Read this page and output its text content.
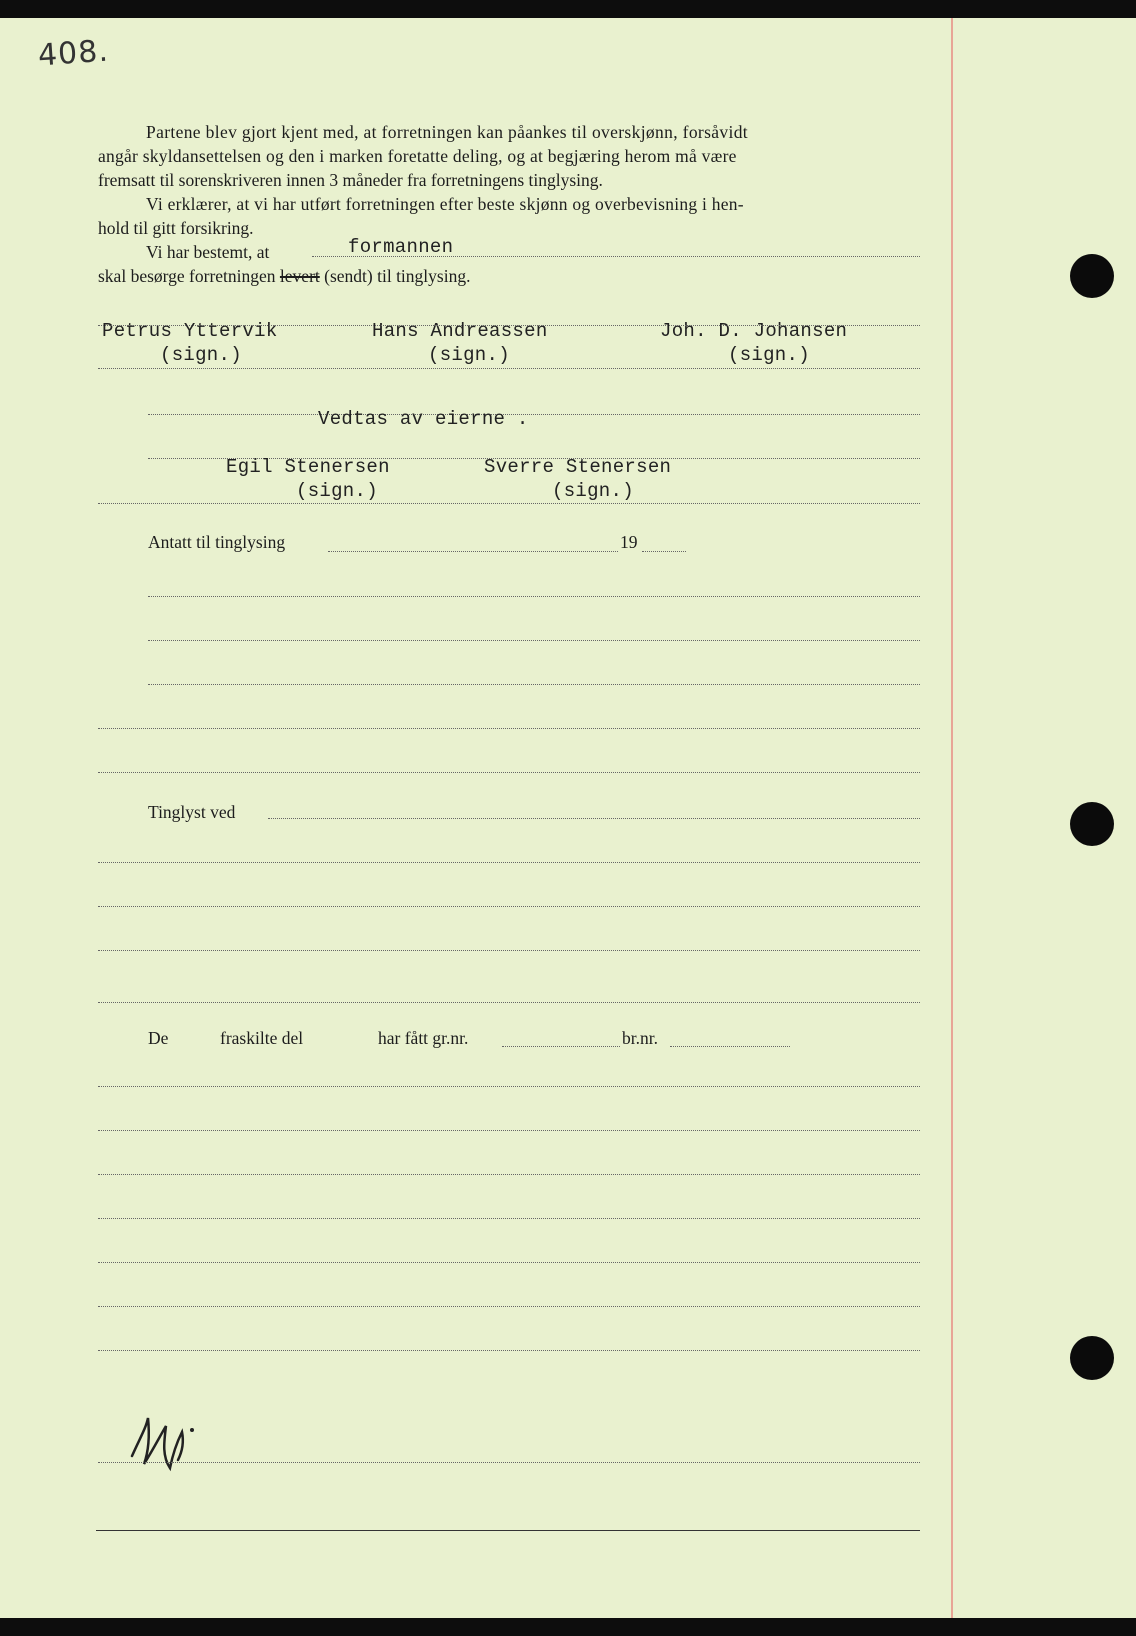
408.
Partene blev gjort kjent med, at forretningen kan påankes til overskjønn, forsåvidt
angår skyldansettelsen og den i marken foretatte deling, og at begjæring herom må være
fremsatt til sorenskriveren innen 3 måneder fra forretningens tinglysing.
Vi erklærer, at vi har utført forretningen efter beste skjønn og overbevisning i hen-
hold til gitt forsikring.
Vi har bestemt, at	formannen
skal besørge forretningen levert (sendt) til tinglysing.
Petrus Yttervik
(sign.)
Hans Andreassen
(sign.)
Joh. D. Johansen
(sign.)
Vedtas av eierne .
Egil Stenersen
(sign.)
Sverre Stenersen
(sign.)
Antatt til tinglysing	19
Tinglyst ved
De	fraskilte del	har fått gr.nr.	br.nr.
